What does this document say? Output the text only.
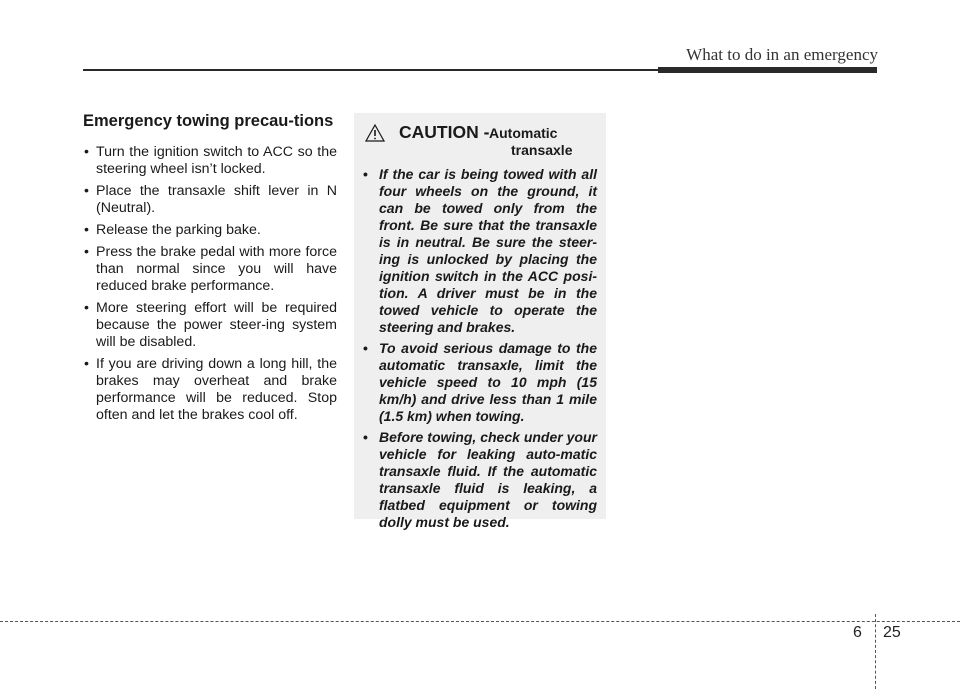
What to do in an emergency
Emergency towing precau-tions
• Turn the ignition switch to ACC so the steering wheel isn’t locked.
• Place the transaxle shift lever in N (Neutral).
• Release the parking bake.
• Press the brake pedal with more force than normal since you will have reduced brake performance.
• More steering effort will be required because the power steer-ing system will be disabled.
• If you are driving down a long hill, the brakes may overheat and brake performance will be reduced. Stop often and let the brakes cool off.
CAUTION - Automatic
transaxle
• If the car is being towed with all four wheels on the ground, it can be towed only from the front. Be sure that the transaxle is in neutral. Be sure the steer-ing is unlocked by placing the ignition switch in the ACC posi-tion. A driver must be in the towed vehicle to operate the steering and brakes.
• To avoid serious damage to the automatic transaxle, limit the vehicle speed to 10 mph (15 km/h) and drive less than 1 mile (1.5 km) when towing.
• Before towing, check under your vehicle for leaking auto-matic transaxle fluid. If the automatic transaxle fluid is leaking, a flatbed equipment or towing dolly must be used.
6 25
